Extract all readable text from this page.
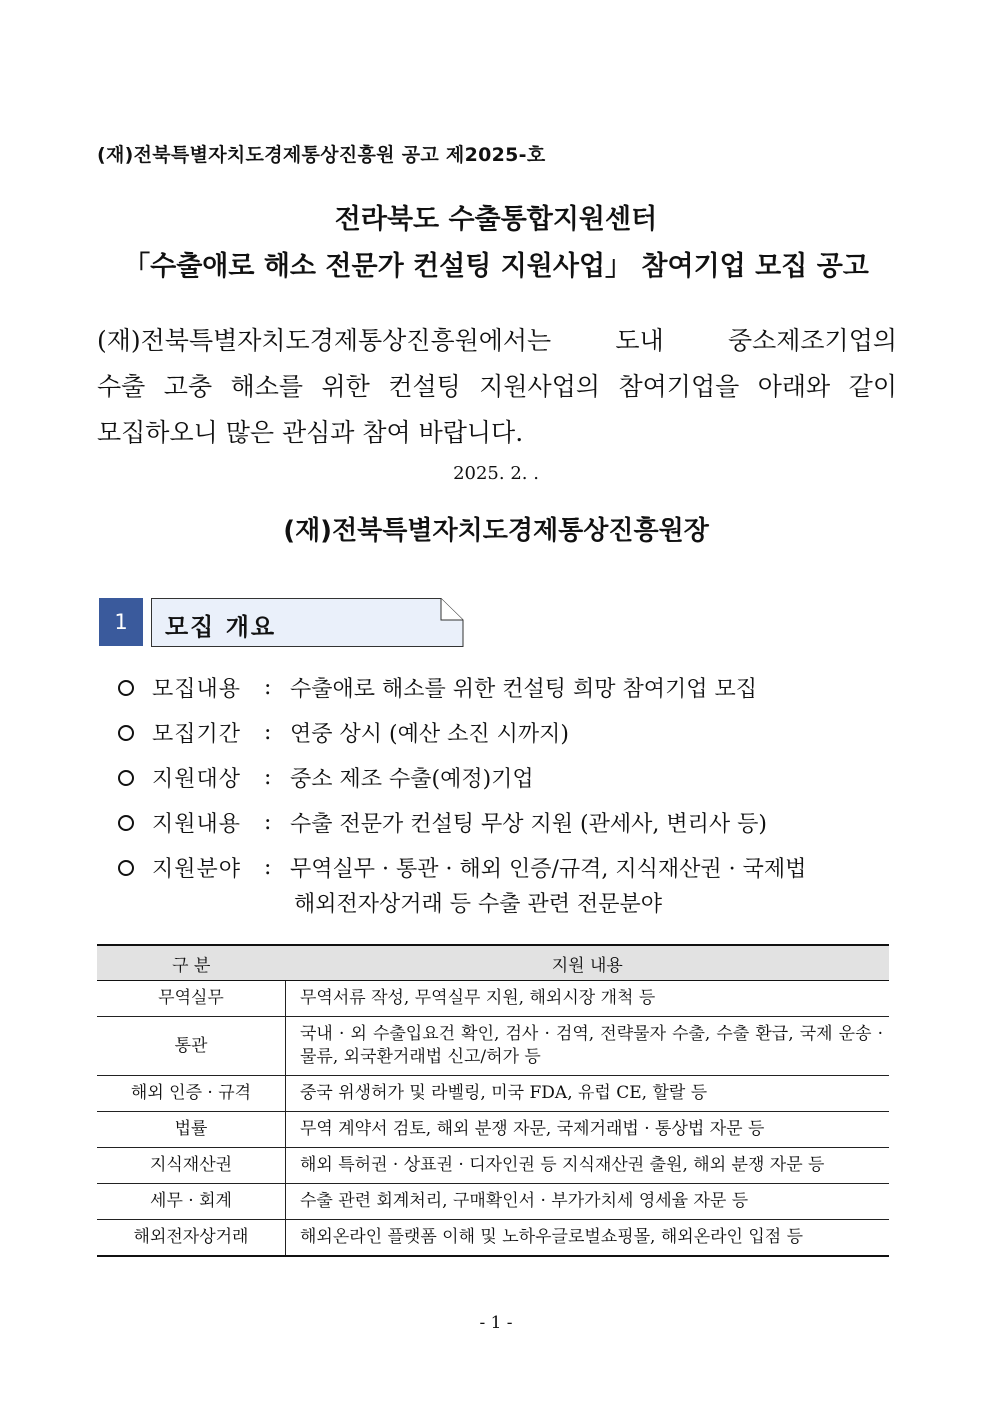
(재)전북특별자치도경제통상진흥원 공고 제2025-호
전라북도 수출통합지원센터
「수출애로 해소 전문가 컨설팅 지원사업」 참여기업 모집 공고

(재)전북특별자치도경제통상진흥원에서는 도내 중소제조기업의

수출 고충 해소를 위한 컨설팅 지원사업의 참여기업을 아래와 같이

모집하오니 많은 관심과 참여 바랍니다.

2025. 2. .
(재)전북특별자치도경제통상진흥원장
1	모집 개요
모집내용	: 수출애로 해소를 위한 컨설팅 희망 참여기업 모집
모집기간	: 연중 상시 (예산 소진 시까지)
지원대상	: 중소 제조 수출(예정)기업
지원내용	: 수출 전문가 컨설팅 무상 지원 (관세사, 변리사 등)
지원분야	: 무역실무 · 통관 · 해외 인증/규격, 지식재산권 · 국제법
해외전자상거래 등 수출 관련 전문분야
구 분	지원 내용
무역실무	무역서류 작성, 무역실무 지원, 해외시장 개척 등
통관	국내 · 외 수출입요건 확인, 검사 · 검역, 전략물자 수출, 수출 환급, 국제 운송 · 물류, 외국환거래법 신고/허가 등
해외 인증 · 규격	중국 위생허가 및 라벨링, 미국 FDA, 유럽 CE, 할랄 등
법률	무역 계약서 검토, 해외 분쟁 자문, 국제거래법 · 통상법 자문 등
지식재산권	해외 특허권 · 상표권 · 디자인권 등 지식재산권 출원, 해외 분쟁 자문 등
세무 · 회계	수출 관련 회계처리, 구매확인서 · 부가가치세 영세율 자문 등
해외전자상거래	해외온라인 플랫폼 이해 및 노하우글로벌쇼핑몰, 해외온라인 입점 등
- 1 -
